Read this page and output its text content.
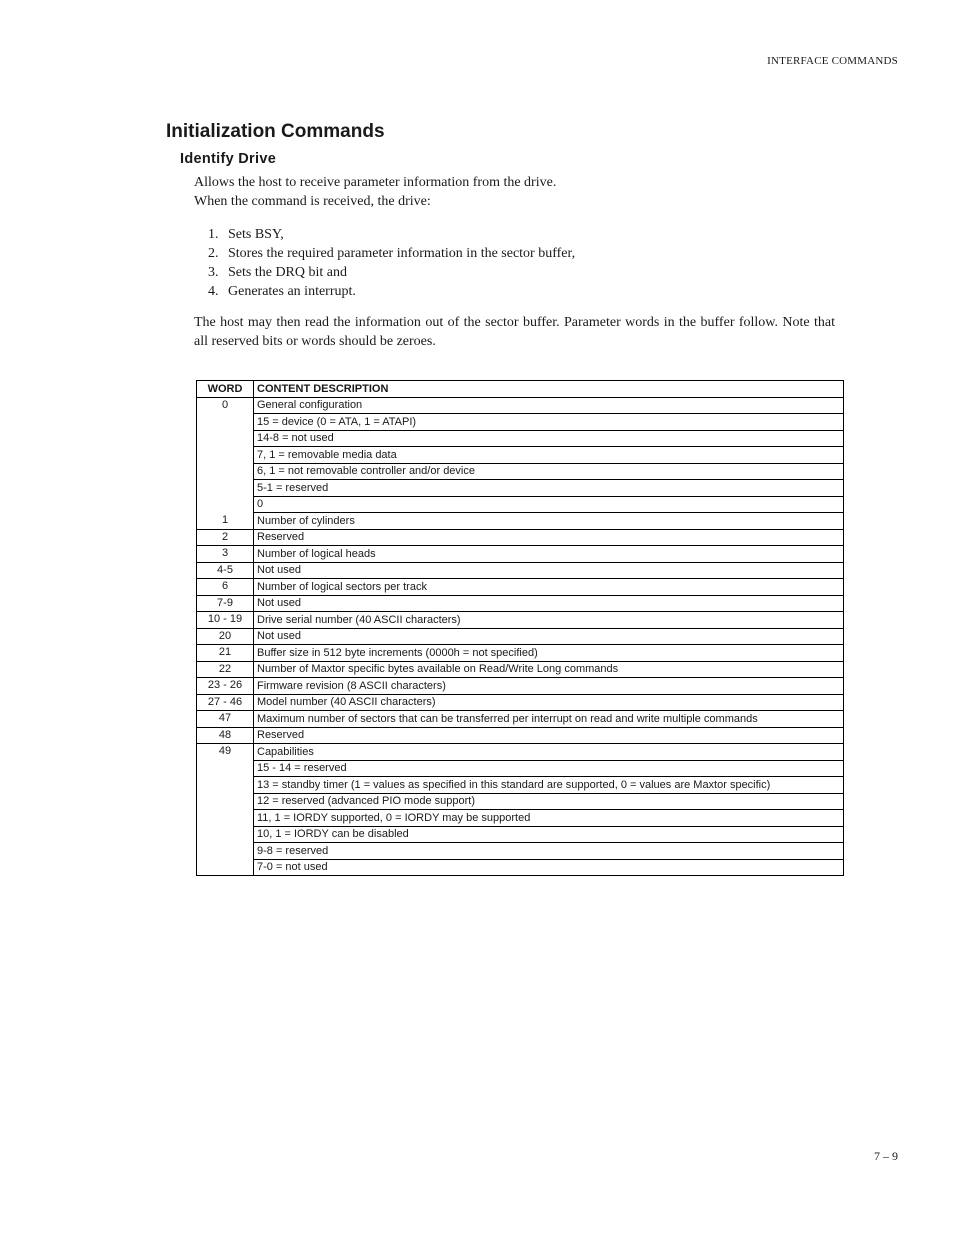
INTERFACE COMMANDS
Initialization Commands
Identify Drive
Allows the host to receive parameter information from the drive.
When the command is received, the drive:
1. Sets BSY,
2. Stores the required parameter information in the sector buffer,
3. Sets the DRQ bit and
4. Generates an interrupt.

The host may then read the information out of the sector buffer. Parameter words in the buffer follow. Note that all reserved bits or words should be zeroes.

WORD	CONTENT DESCRIPTION
0	General configuration
	15 = device (0 = ATA, 1 = ATAPI)
	14-8 = not used
	7, 1 = removable media data
	6, 1 = not removable controller and/or device
	5-1 = reserved
	0
1	Number of cylinders
2	Reserved
3	Number of logical heads
4-5	Not used
6	Number of logical sectors per track
7-9	Not used
10 - 19	Drive serial number (40 ASCII characters)
20	Not used
21	Buffer size in 512 byte increments (0000h = not specified)
22	Number of Maxtor specific bytes available on Read/Write Long commands
23 - 26	Firmware revision (8 ASCII characters)
27 - 46	Model number (40 ASCII characters)
47	Maximum number of sectors that can be transferred per interrupt on read and write multiple commands
48	Reserved
49	Capabilities
	15 - 14 = reserved
	13 = standby timer (1 = values as specified in this standard are supported, 0 = values are Maxtor specific)
	12 = reserved (advanced PIO mode support)
	11, 1 = IORDY supported, 0 = IORDY may be supported
	10, 1 = IORDY can be disabled
	9-8 = reserved
	7-0 = not used
7 – 9
